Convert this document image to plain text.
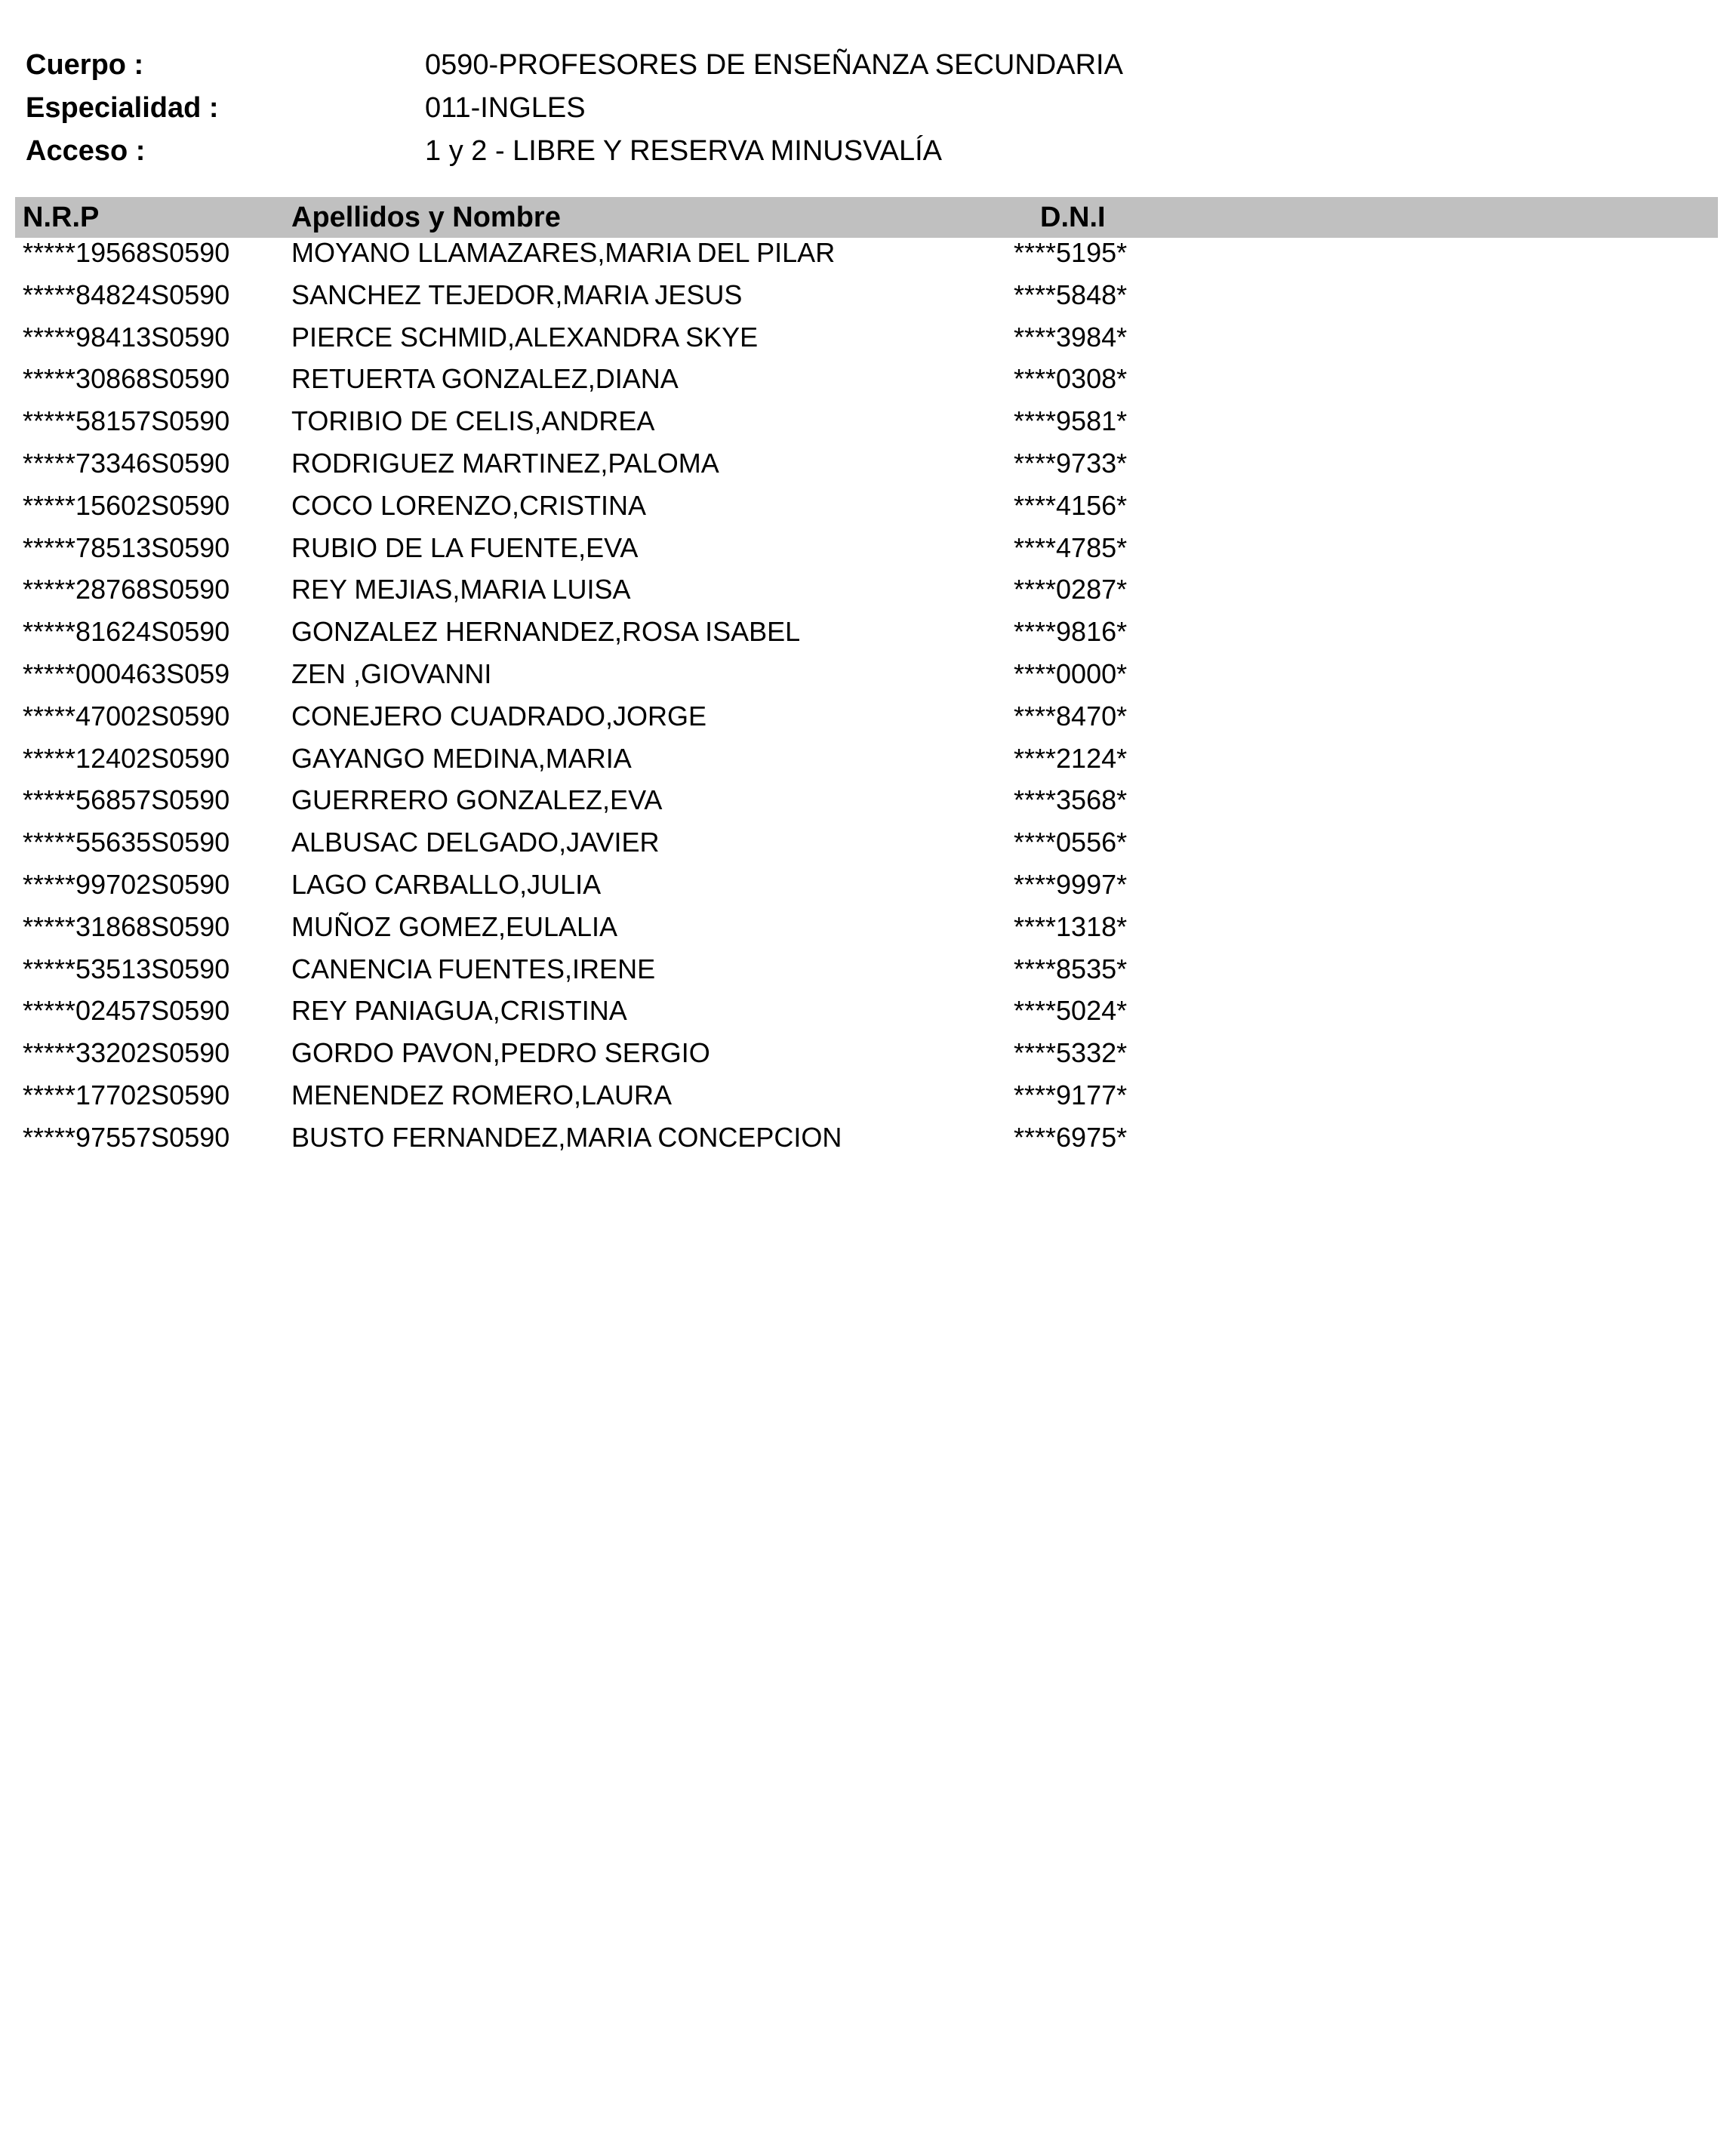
Cuerpo :	0590-PROFESORES DE ENSEÑANZA SECUNDARIA
Especialidad :	011-INGLES
Acceso :	1 y 2 - LIBRE Y RESERVA MINUSVALÍA
N.R.P	Apellidos y Nombre	D.N.I
*****19568S0590 MOYANO LLAMAZARES,MARIA DEL PILAR	****5195*
*****84824S0590 SANCHEZ TEJEDOR,MARIA JESUS	****5848*
*****98413S0590 PIERCE SCHMID,ALEXANDRA SKYE	****3984*
*****30868S0590 RETUERTA GONZALEZ,DIANA	****0308*
*****58157S0590 TORIBIO DE CELIS,ANDREA	****9581*
*****73346S0590 RODRIGUEZ MARTINEZ,PALOMA	****9733*
*****15602S0590 COCO LORENZO,CRISTINA	****4156*
*****78513S0590 RUBIO DE LA FUENTE,EVA	****4785*
*****28768S0590 REY MEJIAS,MARIA LUISA	****0287*
*****81624S0590 GONZALEZ HERNANDEZ,ROSA ISABEL	****9816*
*****000463S059 ZEN ,GIOVANNI	****0000*
*****47002S0590 CONEJERO CUADRADO,JORGE	****8470*
*****12402S0590 GAYANGO MEDINA,MARIA	****2124*
*****56857S0590 GUERRERO GONZALEZ,EVA	****3568*
*****55635S0590 ALBUSAC DELGADO,JAVIER	****0556*
*****99702S0590 LAGO CARBALLO,JULIA	****9997*
*****31868S0590 MUÑOZ GOMEZ,EULALIA	****1318*
*****53513S0590 CANENCIA FUENTES,IRENE	****8535*
*****02457S0590 REY PANIAGUA,CRISTINA	****5024*
*****33202S0590 GORDO PAVON,PEDRO SERGIO	****5332*
*****17702S0590 MENENDEZ ROMERO,LAURA	****9177*
*****97557S0590 BUSTO FERNANDEZ,MARIA CONCEPCION	****6975*
